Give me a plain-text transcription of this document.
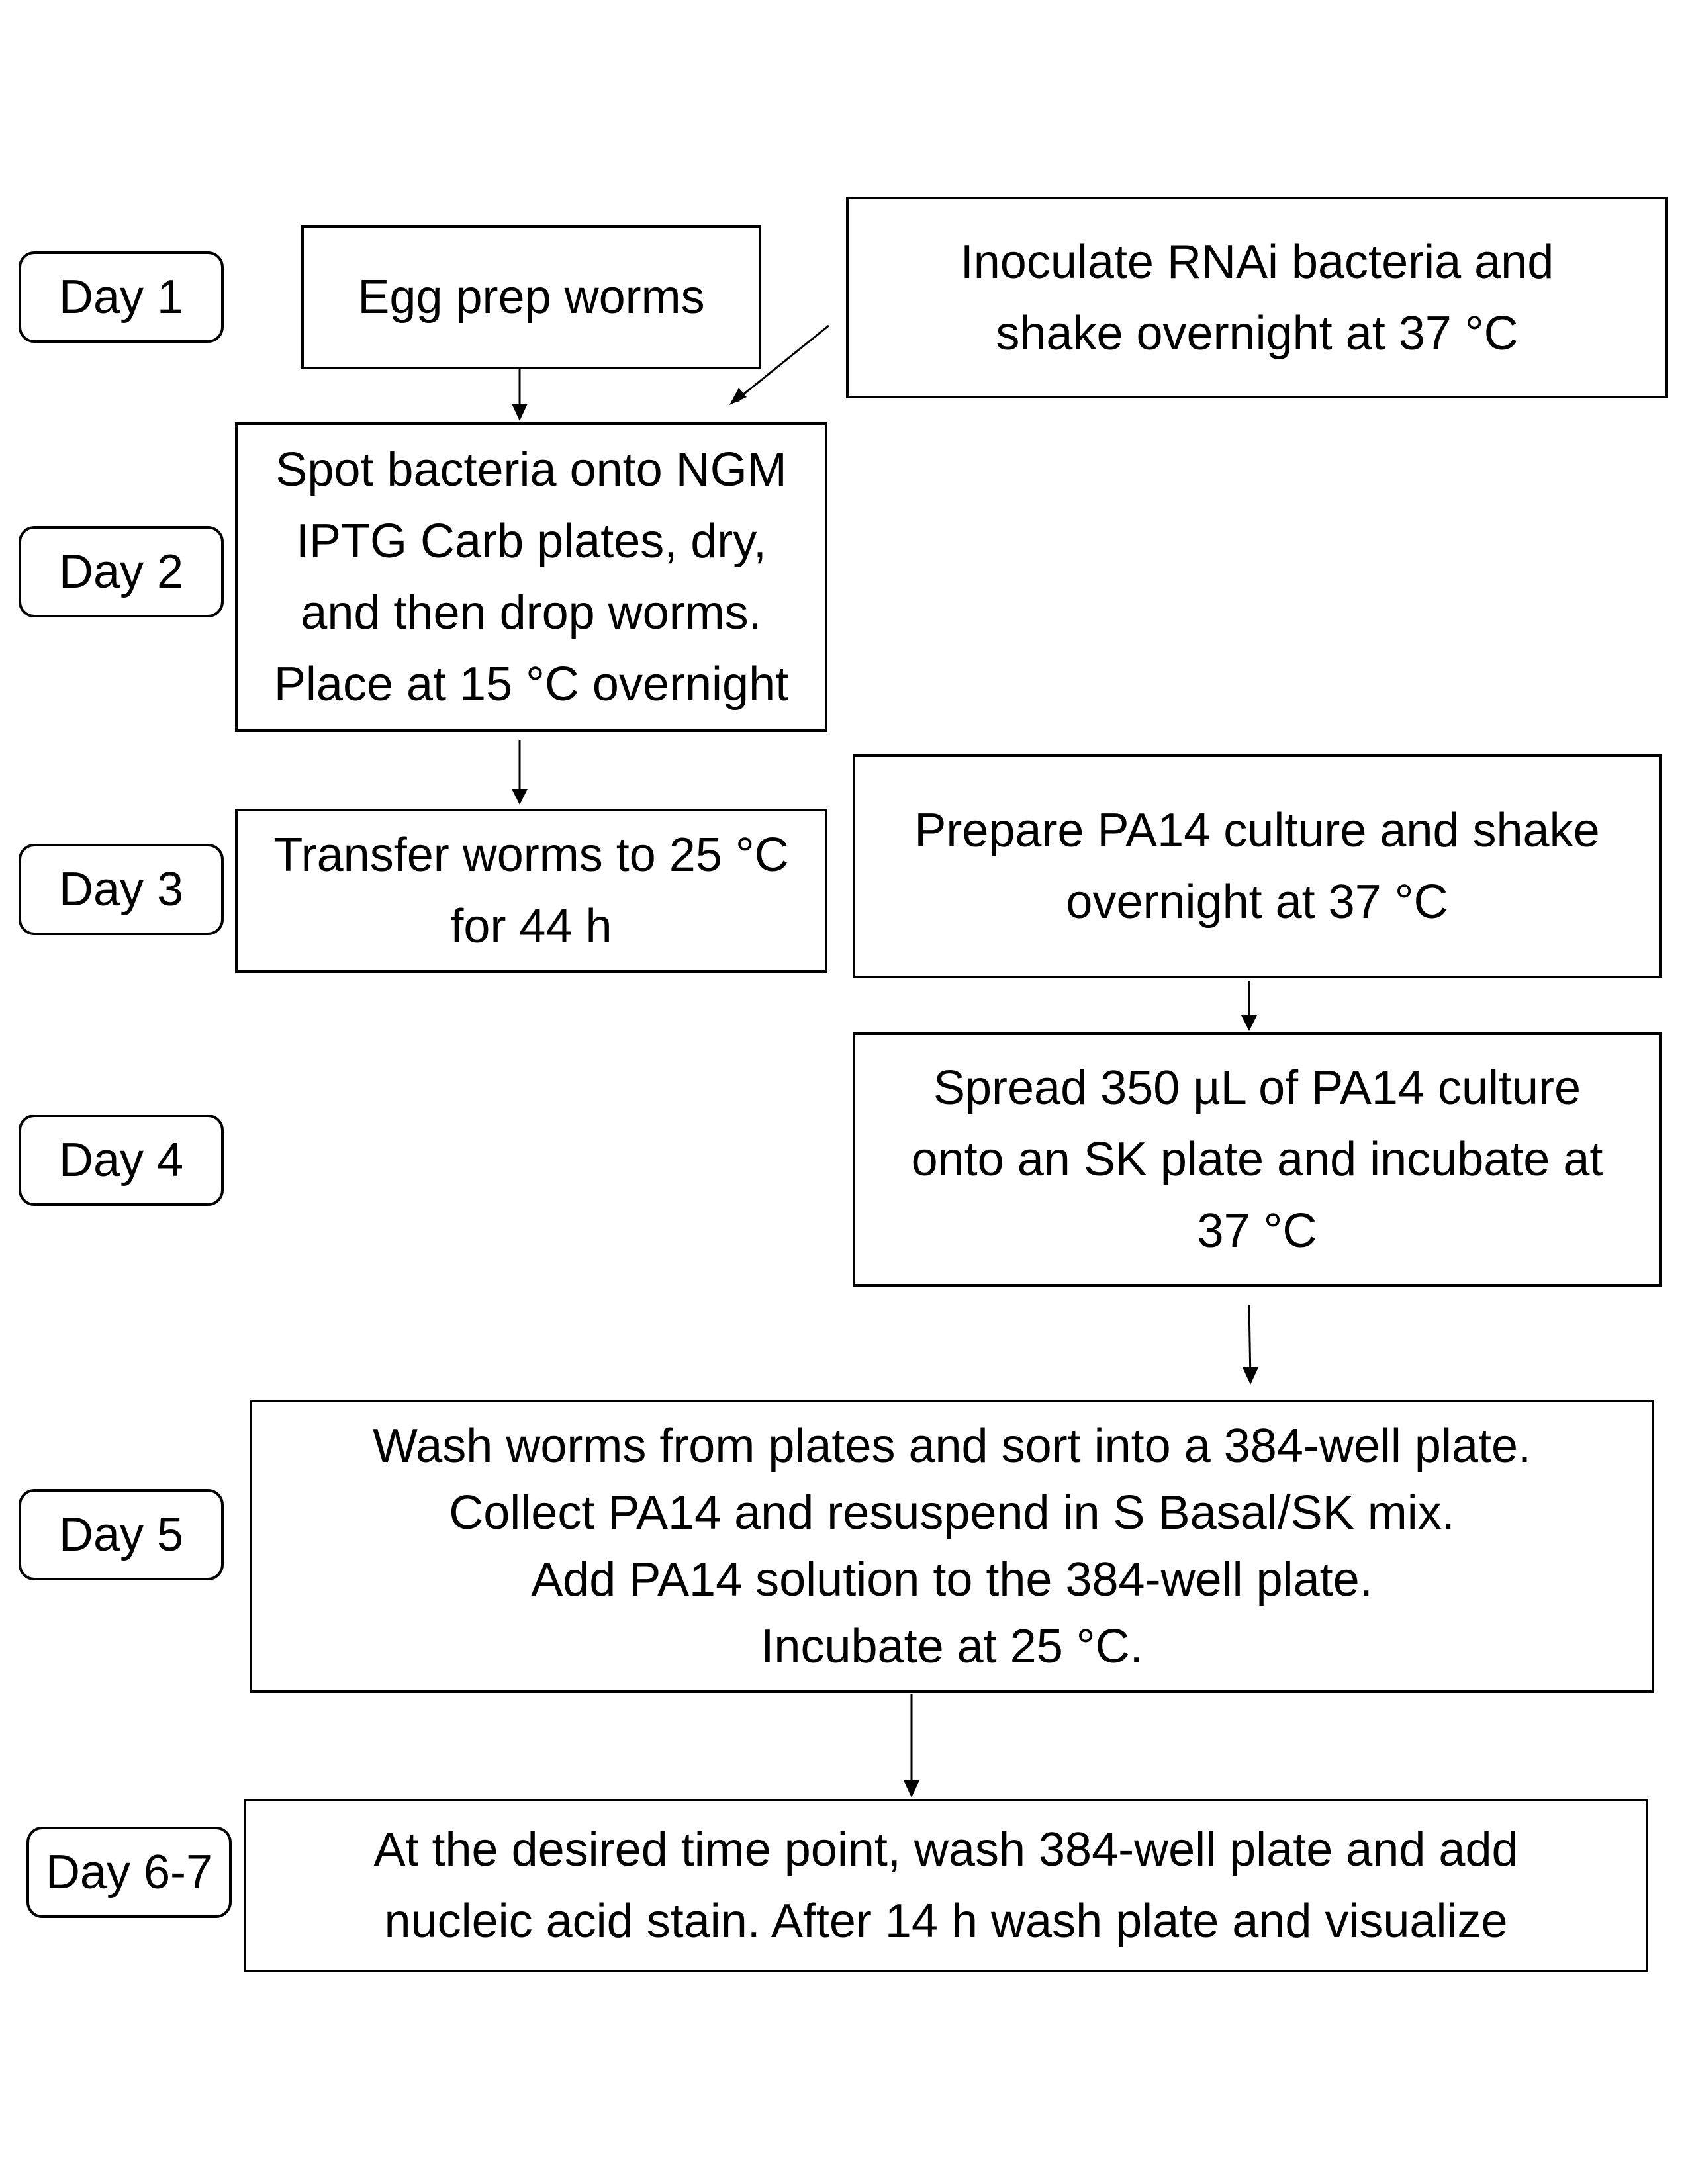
Day 1
Day 2
Day 3
Day 4
Day 5
Day 6-7
Egg prep worms
Inoculate RNAi bacteria and
shake overnight at 37 °C
Spot bacteria onto NGM
IPTG Carb plates, dry,
and then drop worms.
Place at 15 °C overnight
Transfer worms to 25 °C
for 44 h
Prepare PA14 culture and shake
overnight at 37 °C
Spread 350 µL of PA14 culture
onto an SK plate and incubate at
37 °C
Wash worms from plates and sort into a 384-well plate.
Collect PA14 and resuspend in S Basal/SK mix.
Add PA14 solution to the 384-well plate.
Incubate at 25 °C.
At the desired time point, wash 384-well plate and add
nucleic acid stain. After 14 h wash plate and visualize
